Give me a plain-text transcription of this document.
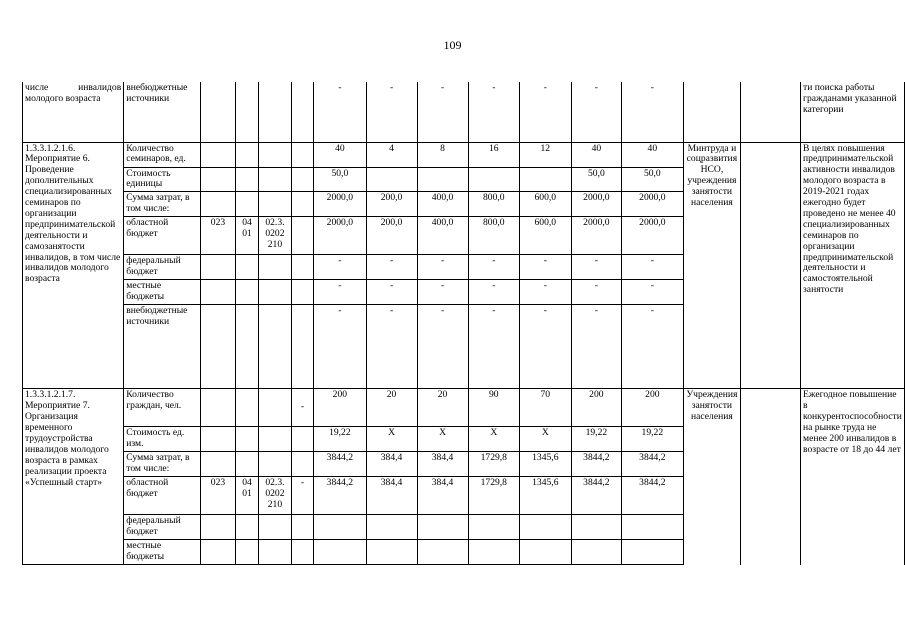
109
числе инвалидов молодого возраста	внебюджетные источники					-	-	-	-	-	-	-				ти поиска работы гражданами указанной категории
1.3.3.1.2.1.6. Мероприятие 6. Проведение дополнительных специализированных семинаров по организации предпринимательской деятельности и самозанятости инвалидов, в том числе инвалидов молодого возраста	Количество семинаров, ед.					40	4	8	16	12	40	40	Минтруда и соцразвития НСО, учреждения занятости населения			В целях повышения предпринимательской активности инвалидов молодого возраста в 2019-2021 годах ежегодно будет проведено не менее 40 специализированных семинаров по организации предпринимательской деятельности и самостоятельной занятости
	Стоимость единицы					50,0					50,0	50,0				
	Сумма затрат, в том числе:					2000,0	200,0	400,0	800,0	600,0	2000,0	2000,0				
	областной бюджет	023	04 01	02.3. 0202 210		2000,0	200,0	400,0	800,0	600,0	2000,0	2000,0				
	федеральный бюджет					-	-	-	-	-	-	-				
	местные бюджеты					-	-	-	-	-	-	-				
	внебюджетные источники					-	-	-	-	-	-	-				
1.3.3.1.2.1.7. Мероприятие 7. Организация временного трудоустройства инвалидов молодого возраста в рамках реализации проекта «Успешный старт»	Количество граждан, чел.				-	200	20	20	90	70	200	200	Учреждения занятости населения			Ежегодное повышение в конкурентоспособности на рынке труда не менее 200 инвалидов в возрасте от 18 до 44 лет
	Стоимость ед. изм.					19,22	Х	Х	Х	Х	19,22	19,22				
	Сумма затрат, в том числе:					3844,2	384,4	384,4	1729,8	1345,6	3844,2	3844,2				
	областной бюджет	023	04 01	02.3. 0202 210	-	3844,2	384,4	384,4	1729,8	1345,6	3844,2	3844,2				
	федеральный бюджет															
	местные бюджеты															
